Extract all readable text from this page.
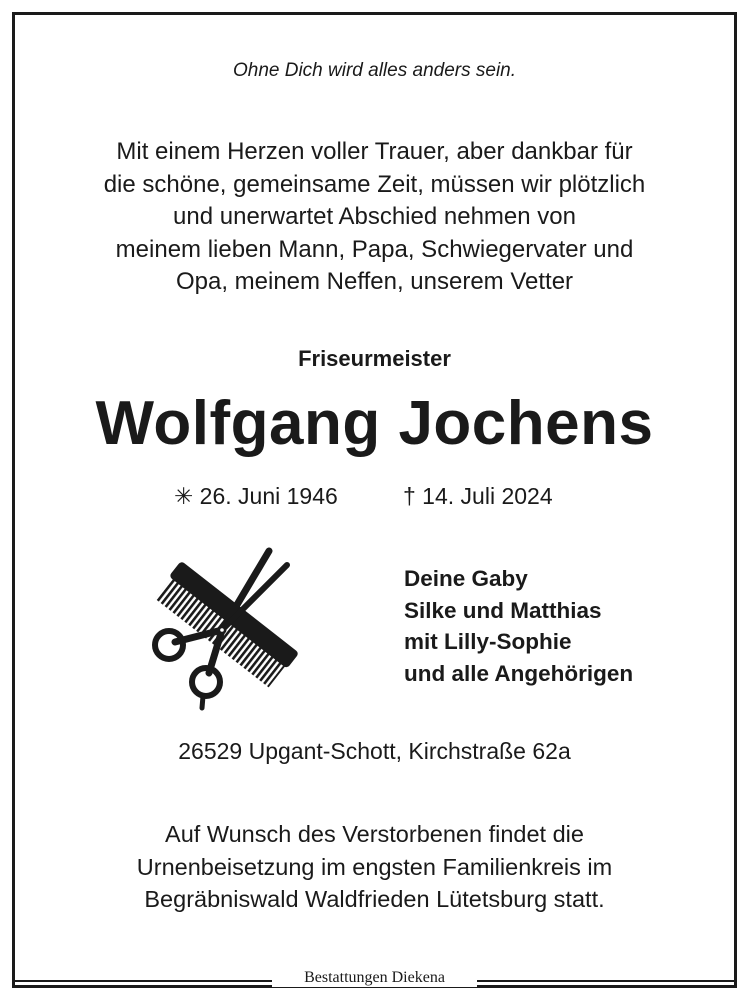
Ohne Dich wird alles anders sein.
Mit einem Herzen voller Trauer, aber dankbar für
die schöne, gemeinsame Zeit, müssen wir plötzlich
und unerwartet Abschied nehmen von
meinem lieben Mann, Papa, Schwiegervater und
Opa, meinem Neffen, unserem Vetter
Friseurmeister
Wolfgang Jochens
✳ 26. Juni 1946	† 14. Juli 2024
Deine Gaby
Silke und Matthias
mit Lilly-Sophie
und alle Angehörigen
26529 Upgant-Schott, Kirchstraße 62a
Auf Wunsch des Verstorbenen findet die
Urnenbeisetzung im engsten Familienkreis im
Begräbniswald Waldfrieden Lütetsburg statt.
Bestattungen Diekena
